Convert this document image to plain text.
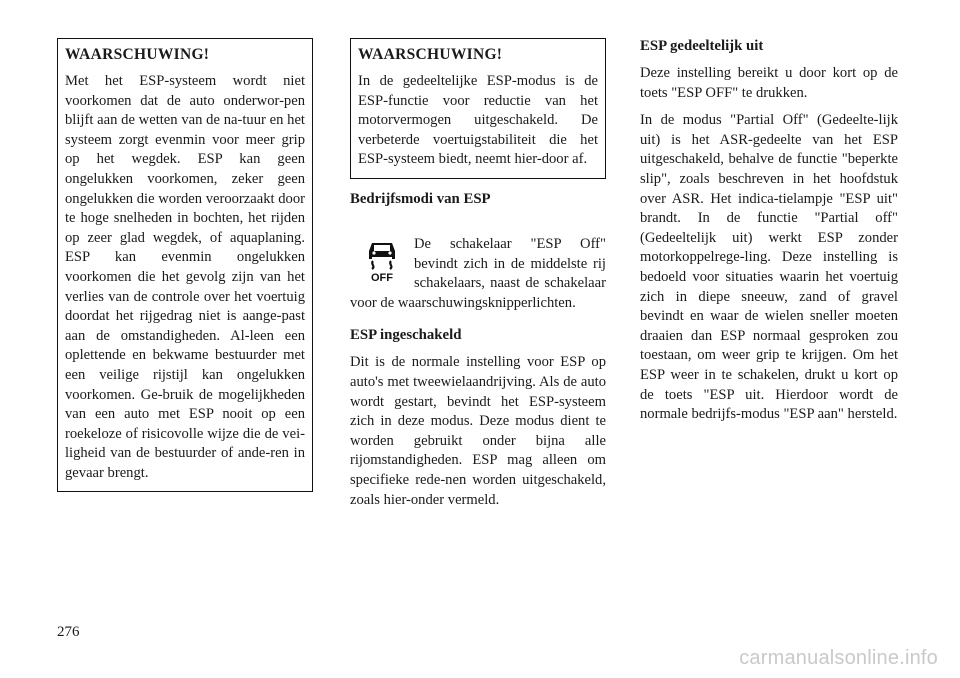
WAARSCHUWING!

Met het ESP-systeem wordt niet voorkomen dat de auto onderwor-pen blijft aan de wetten van de na-tuur en het systeem zorgt evenmin voor meer grip op het wegdek. ESP kan geen ongelukken voorkomen, zeker geen ongelukken die worden veroorzaakt door te hoge snelheden in bochten, het rijden op zeer glad wegdek, of aquaplaning. ESP kan evenmin ongelukken voorkomen die het gevolg zijn van het verlies van de controle over het voertuig doordat het rijgedrag niet is aange-past aan de omstandigheden. Al-leen een oplettende en bekwame bestuurder met een veilige rijstijl kan ongelukken voorkomen. Ge-bruik de mogelijkheden van een auto met ESP nooit op een roekeloze of risicovolle wijze die de vei-ligheid van de bestuurder of ande-ren in gevaar brengt.

WAARSCHUWING!

In de gedeeltelijke ESP-modus is de ESP-functie voor reductie van het motorvermogen uitgeschakeld. De verbeterde voertuigstabiliteit die het ESP-systeem biedt, neemt hier-door af.

Bedrijfsmodi van ESP

OFF

De schakelaar "ESP Off" bevindt zich in de middelste rij schakelaars, naast de schakelaar voor de waarschuwingsknipperlichten.

ESP ingeschakeld

Dit is de normale instelling voor ESP op auto's met tweewielaandrijving. Als de auto wordt gestart, bevindt het ESP-systeem zich in deze modus. Deze modus dient te worden gebruikt onder bijna alle rijomstandigheden. ESP mag alleen om specifieke rede-nen worden uitgeschakeld, zoals hier-onder vermeld.

ESP gedeeltelijk uit

Deze instelling bereikt u door kort op de toets "ESP OFF" te drukken.

In de modus "Partial Off" (Gedeelte-lijk uit) is het ASR-gedeelte van het ESP uitgeschakeld, behalve de functie "beperkte slip", zoals beschreven in het hoofdstuk over ASR. Het indica-tielampje "ESP uit" brandt. In de functie "Partial off" (Gedeeltelijk uit) werkt ESP zonder motorkoppelrege-ling. Deze instelling is bedoeld voor situaties waarin het voertuig zich in diepe sneeuw, zand of gravel bevindt en waar de wielen sneller moeten draaien dan ESP normaal gesproken zou toestaan, om weer grip te krijgen. Om het ESP weer in te schakelen, drukt u kort op de toets "ESP uit. Hierdoor wordt de normale bedrijfs-modus "ESP aan" hersteld.

276
carmanualsonline.info
